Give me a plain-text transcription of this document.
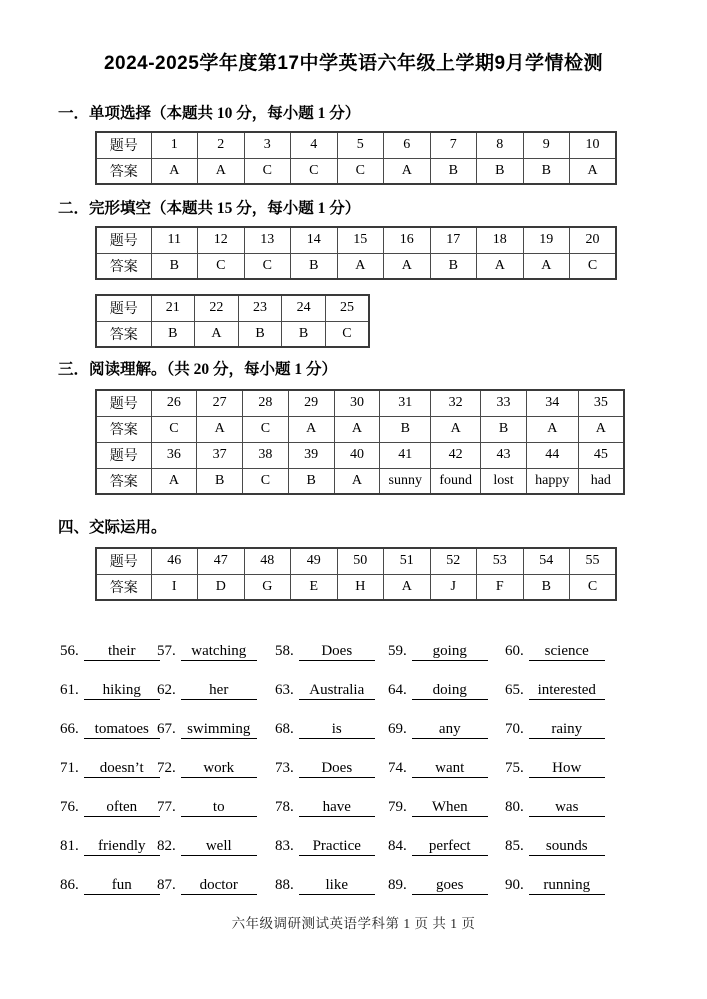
2024-2025学年度第17中学英语六年级上学期9月学情检测
一．单项选择（本题共 10 分，每小题 1 分）
题号	1	2	3	4	5	6	7	8	9	10
答案	A	A	C	C	C	A	B	B	B	A
二．完形填空（本题共 15 分，每小题 1 分）
题号	11	12	13	14	15	16	17	18	19	20
答案	B	C	C	B	A	A	B	A	A	C
题号	21	22	23	24	25
答案	B	A	B	B	C
三．阅读理解。（共 20 分，每小题 1 分）
题号	26	27	28	29	30	31	32	33	34	35
答案	C	A	C	A	A	B	A	B	A	A
题号	36	37	38	39	40	41	42	43	44	45
答案	A	B	C	B	A	sunny	found	lost	happy	had
四、交际运用。
题号	46	47	48	49	50	51	52	53	54	55
答案	I	D	G	E	H	A	J	F	B	C
56. their	57. watching	58. Does	59. going	60. science
61. hiking	62. her	63. Australia	64. doing	65. interested
66. tomatoes 67. swimming	68.	is	69. any	70. rainy
71. doesn’t 72. work	73. Does	74. want	75. How
76. often	77. to	78. have	79. When	80. was
81. friendly 82. well	83. Practice	84. perfect	85. sounds
86. fun	87. doctor	88. like	89. goes	90. running
六年级调研测试英语学科第 1 页 共 1 页
